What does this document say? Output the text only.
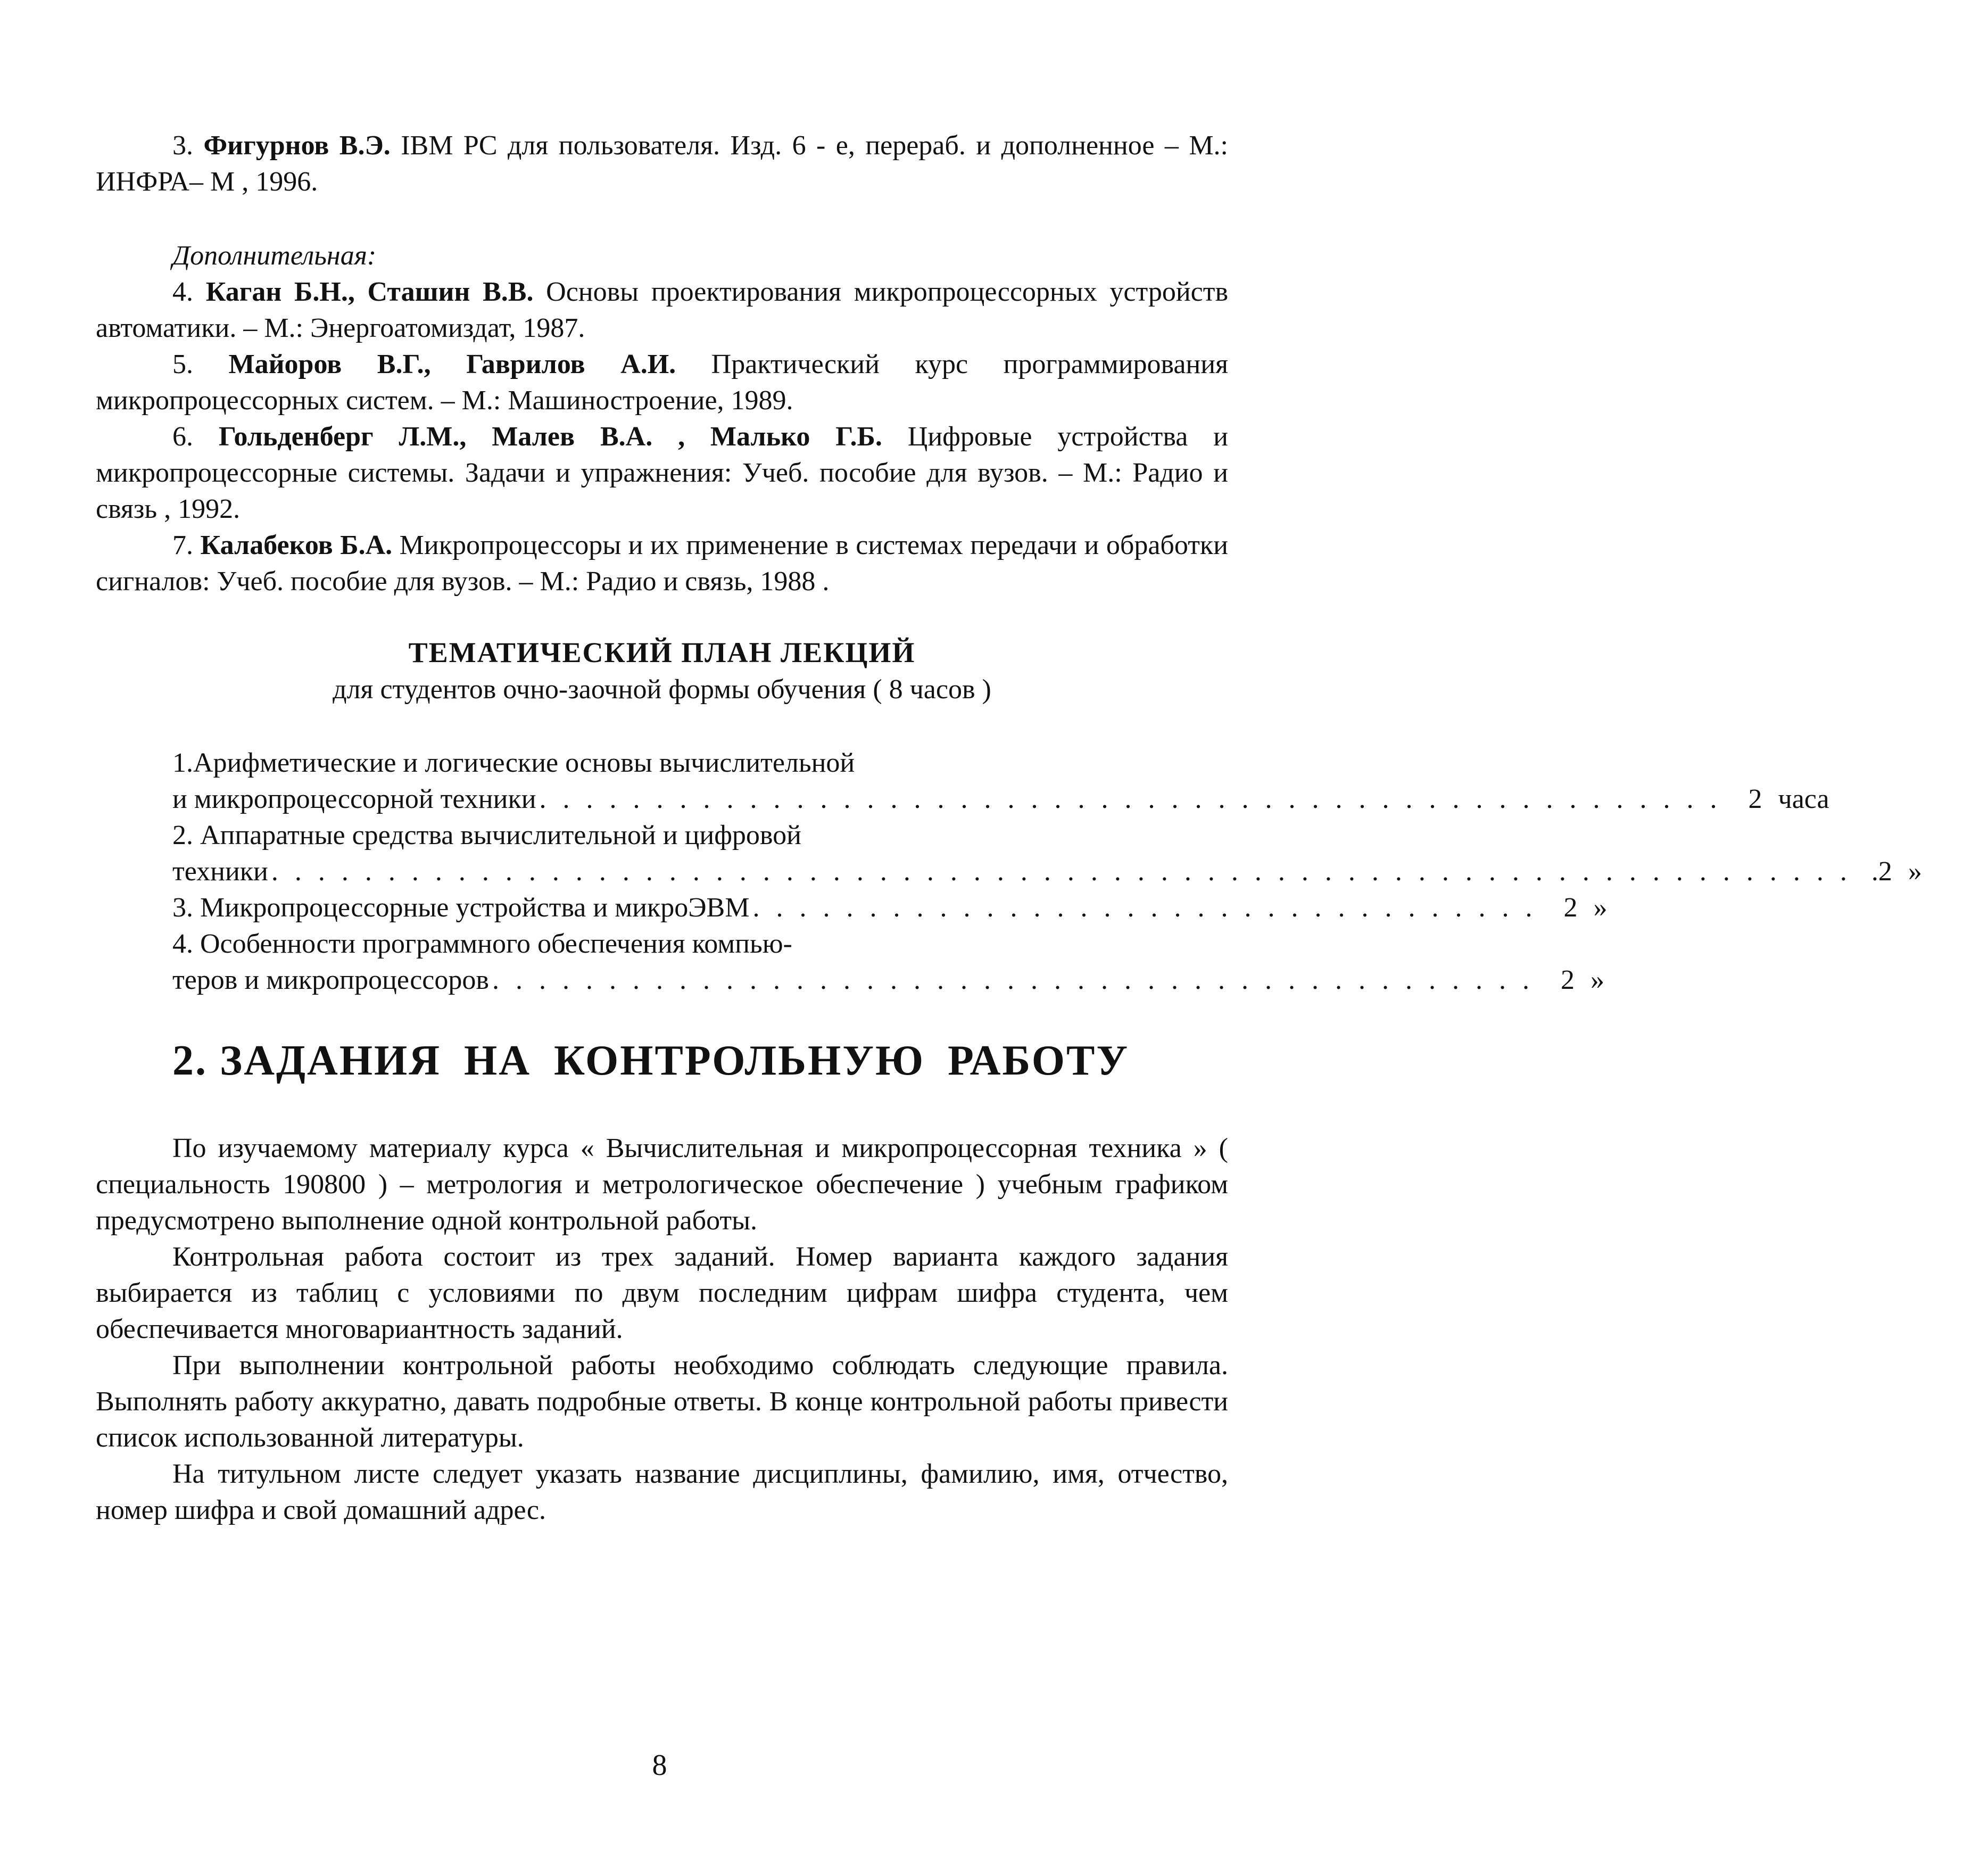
3. Фигурнов В.Э. IBM PC для пользователя. Изд. 6 - е, перераб. и дополненное – М.: ИНФРА– М , 1996.

Дополнительная:

4. Каган Б.Н., Сташин В.В. Основы проектирования микропроцессорных устройств автоматики. – М.: Энергоатомиздат, 1987.

5. Майоров В.Г., Гаврилов А.И. Практический курс программирования микропроцессорных систем. – М.: Машиностроение, 1989.

6. Гольденберг Л.М., Малев В.А. , Малько Г.Б. Цифровые устройства и микропроцессорные системы. Задачи и упражнения: Учеб. пособие для вузов. – М.: Радио и связь , 1992.

7. Калабеков Б.А. Микропроцессоры и их применение в системах передачи и обработки сигналов: Учеб. пособие для вузов. – М.: Радио и связь, 1988 .

ТЕМАТИЧЕСКИЙ ПЛАН ЛЕКЦИЙ

для студентов очно-заочной формы обучения ( 8 часов )

1.Арифметические и логические основы вычислительной
и микропроцессорной техники . . . . . . . . . . . . . . . . . . . . . . . . . . . . . . . . . . . . . . . . . . . . . . . . . . . 2 часа
2. Аппаратные средства вычислительной и цифровой
техники . . . . . . . . . . . . . . . . . . . . . . . . . . . . . . . . . . . . . . . . . . . . . . . . . . . . . . . . . . . . . . . . . . . . .2 »
3. Микропроцессорные устройства и микроЭВМ . . . . . . . . . . . . . . . . . . . . . . . . . . . . . . . . . . 2 »
4. Особенности программного обеспечения компью-
теров и микропроцессоров . . . . . . . . . . . . . . . . . . . . . . . . . . . . . . . . . . . . . . . . . . . . . 2 »
2. ЗАДАНИЯ НА КОНТРОЛЬНУЮ РАБОТУ

По изучаемому материалу курса « Вычислительная и микропроцессорная техника » ( специальность 190800 ) – метрология и метрологическое обеспечение ) учебным графиком предусмотрено выполнение одной контрольной работы.

Контрольная работа состоит из трех заданий. Номер варианта каждого задания выбирается из таблиц с условиями по двум последним цифрам шифра студента, чем обеспечивается многовариантность заданий.

При выполнении контрольной работы необходимо соблюдать следующие правила. Выполнять работу аккуратно, давать подробные ответы. В конце контрольной работы привести список использованной литературы.

На титульном листе следует указать название дисциплины, фамилию, имя, отчество, номер шифра и свой домашний адрес.

8
